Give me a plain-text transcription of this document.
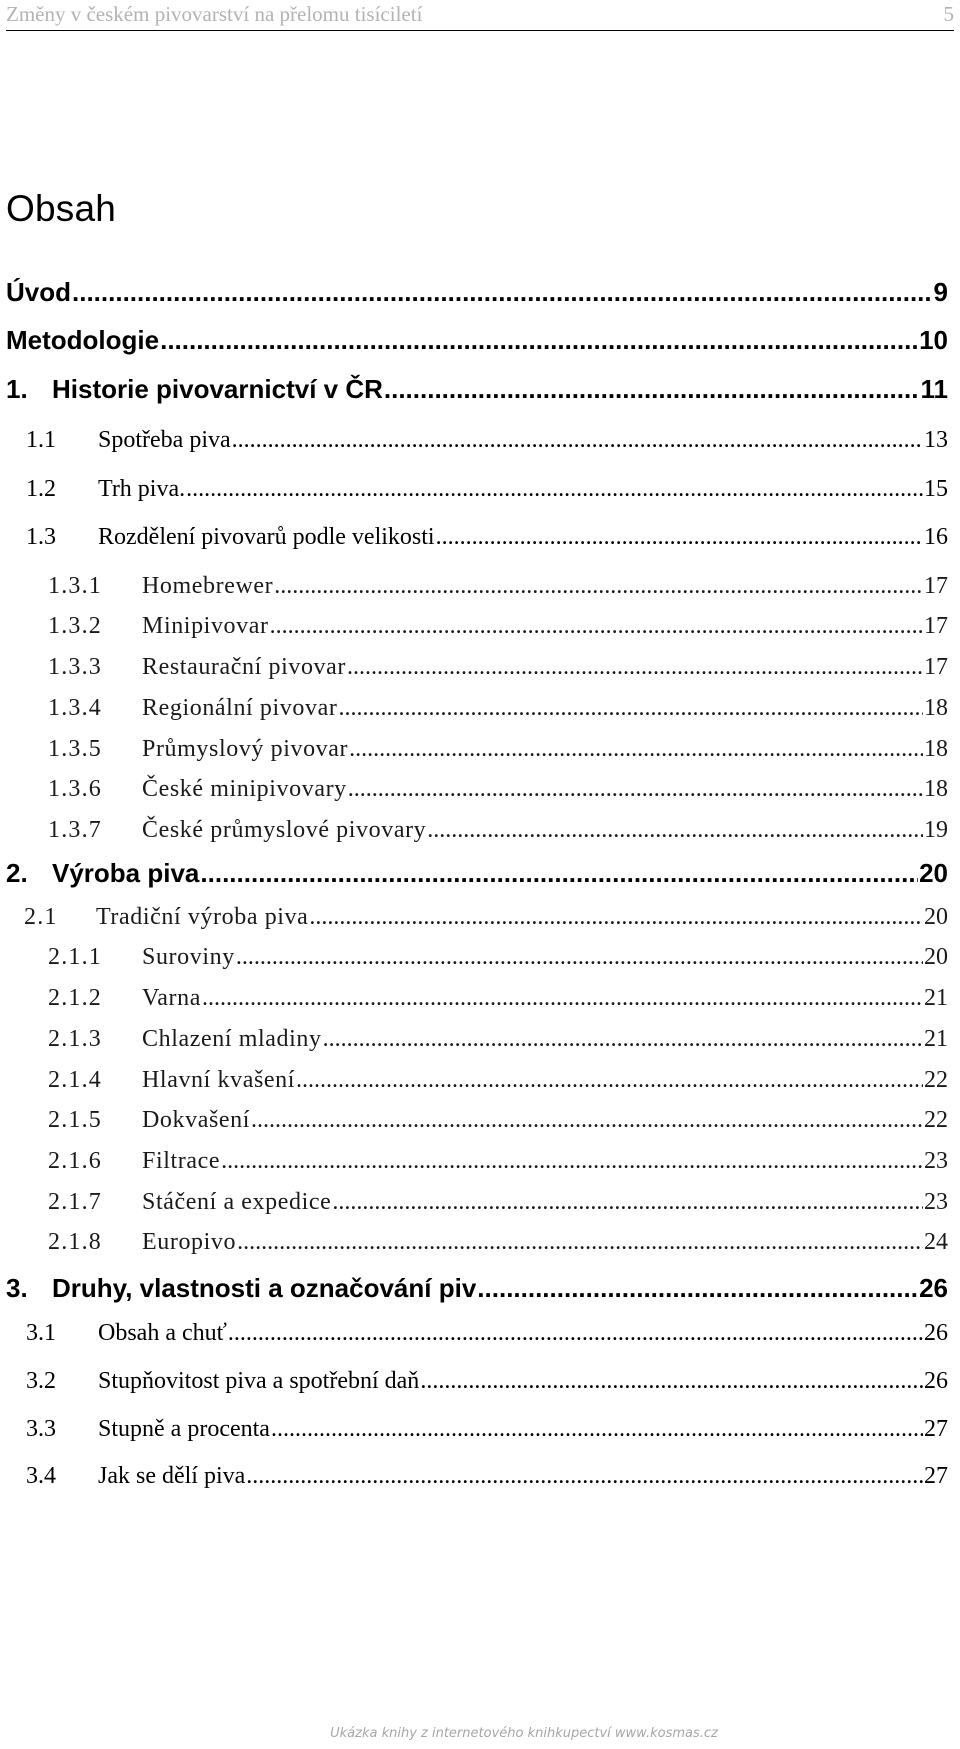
Změny v českém pivovarství na přelomu tisíciletí	5
Obsah
Úvod .....	9
Metodologie .....	10
1. Historie pivovarnictví v ČR .....	11
1.1	Spotřeba piva .....	13
1.2	Trh piva. .....	15
1.3	Rozdělení pivovarů podle velikosti .....	16
1.3.1	Homebrewer .....	17
1.3.2	Minipivovar .....	17
1.3.3	Restaurační pivovar .....	17
1.3.4	Regionální pivovar .....	18
1.3.5	Průmyslový pivovar .....	18
1.3.6	České minipivovary .....	18
1.3.7	České průmyslové pivovary .....	19
2. Výroba piva .....	20
2.1	Tradiční výroba piva .....	20
2.1.1	Suroviny .....	20
2.1.2	Varna .....	21
2.1.3	Chlazení mladiny .....	21
2.1.4	Hlavní kvašení .....	22
2.1.5	Dokvašení .....	22
2.1.6	Filtrace .....	23
2.1.7	Stáčení a expedice .....	23
2.1.8	Europivo .....	24
3. Druhy, vlastnosti a označování piv .....	26
3.1	Obsah a chuť .....	26
3.2	Stupňovitost piva a spotřební daň .....	26
3.3	Stupně a procenta .....	27
3.4	Jak se dělí piva .....	27
Ukázka knihy z internetového knihkupectví www.kosmas.cz
